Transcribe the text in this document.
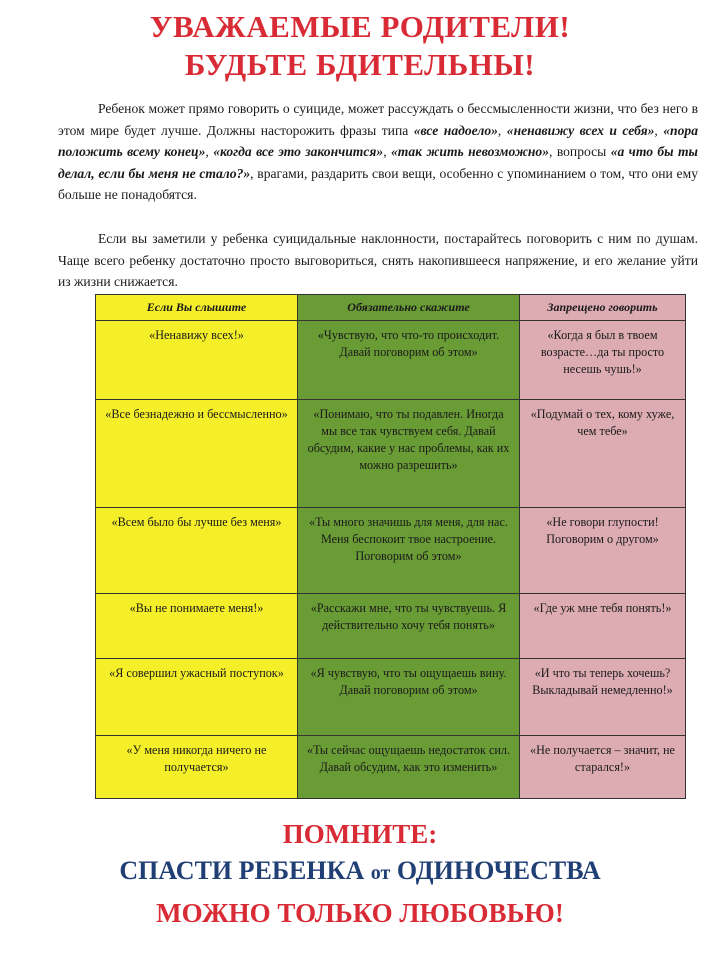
УВАЖАЕМЫЕ РОДИТЕЛИ!
БУДЬТЕ БДИТЕЛЬНЫ!
Ребенок может прямо говорить о суициде, может рассуждать о бессмысленности жизни, что без него в этом мире будет лучше. Должны насторожить фразы типа «все надоело», «ненавижу всех и себя», «пора положить всему конец», «когда все это закончится», «так жить невозможно», вопросы «а что бы ты делал, если бы меня не стало?», врагами, раздарить свои вещи, особенно с упоминанием о том, что они ему больше не понадобятся.
Если вы заметили у ребенка суицидальные наклонности, постарайтесь поговорить с ним по душам. Чаще всего ребенку достаточно просто выговориться, снять накопившееся напряжение, и его желание уйти из жизни снижается.
Если Вы слышите	Обязательно скажите	Запрещено говорить
«Ненавижу всех!»	«Чувствую, что что-то происходит. Давай поговорим об этом»	«Когда я был в твоем возрасте…да ты просто несешь чушь!»
«Все безнадежно и бессмысленно»	«Понимаю, что ты подавлен. Иногда мы все так чувствуем себя. Давай обсудим, какие у нас проблемы, как их можно разрешить»	«Подумай о тех, кому хуже, чем тебе»
«Всем было бы лучше без меня»	«Ты много значишь для меня, для нас. Меня беспокоит твое настроение. Поговорим об этом»	«Не говори глупости! Поговорим о другом»
«Вы не понимаете меня!»	«Расскажи мне, что ты чувствуешь. Я действительно хочу тебя понять»	«Где уж мне тебя понять!»
«Я совершил ужасный поступок»	«Я чувствую, что ты ощущаешь вину. Давай поговорим об этом»	«И что ты теперь хочешь? Выкладывай немедленно!»
«У меня никогда ничего не получается»	«Ты сейчас ощущаешь недостаток сил. Давай обсудим, как это изменить»	«Не получается – значит, не старался!»
ПОМНИТЕ:
СПАСТИ РЕБЕНКА от ОДИНОЧЕСТВА
МОЖНО ТОЛЬКО ЛЮБОВЬЮ!
